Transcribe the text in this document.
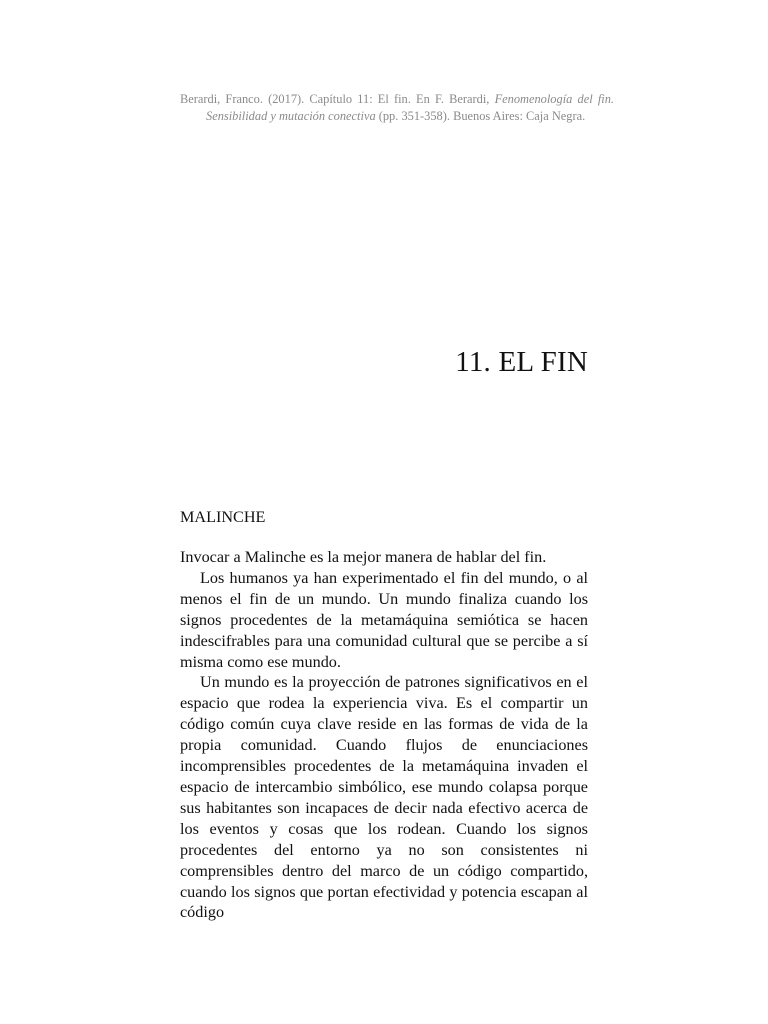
Berardi, Franco. (2017). Capítulo 11: El fin. En F. Berardi, Fenomenología del fin. Sensibilidad y mutación conectiva (pp. 351-358). Buenos Aires: Caja Negra.
11. EL FIN
MALINCHE

Invocar a Malinche es la mejor manera de hablar del fin.

Los humanos ya han experimentado el fin del mundo, o al menos el fin de un mundo. Un mundo finaliza cuando los signos procedentes de la metamáquina semiótica se hacen indescifrables para una comunidad cultural que se percibe a sí misma como ese mundo.

Un mundo es la proyección de patrones significativos en el espacio que rodea la experiencia viva. Es el compartir un código común cuya clave reside en las formas de vida de la propia comunidad. Cuando flujos de enunciaciones incomprensibles procedentes de la metamáquina invaden el espacio de intercambio simbólico, ese mundo colapsa porque sus habitantes son incapaces de decir nada efectivo acerca de los eventos y cosas que los rodean. Cuando los signos procedentes del entorno ya no son consistentes ni comprensibles dentro del marco de un código compartido, cuando los signos que portan efectividad y potencia escapan al código
